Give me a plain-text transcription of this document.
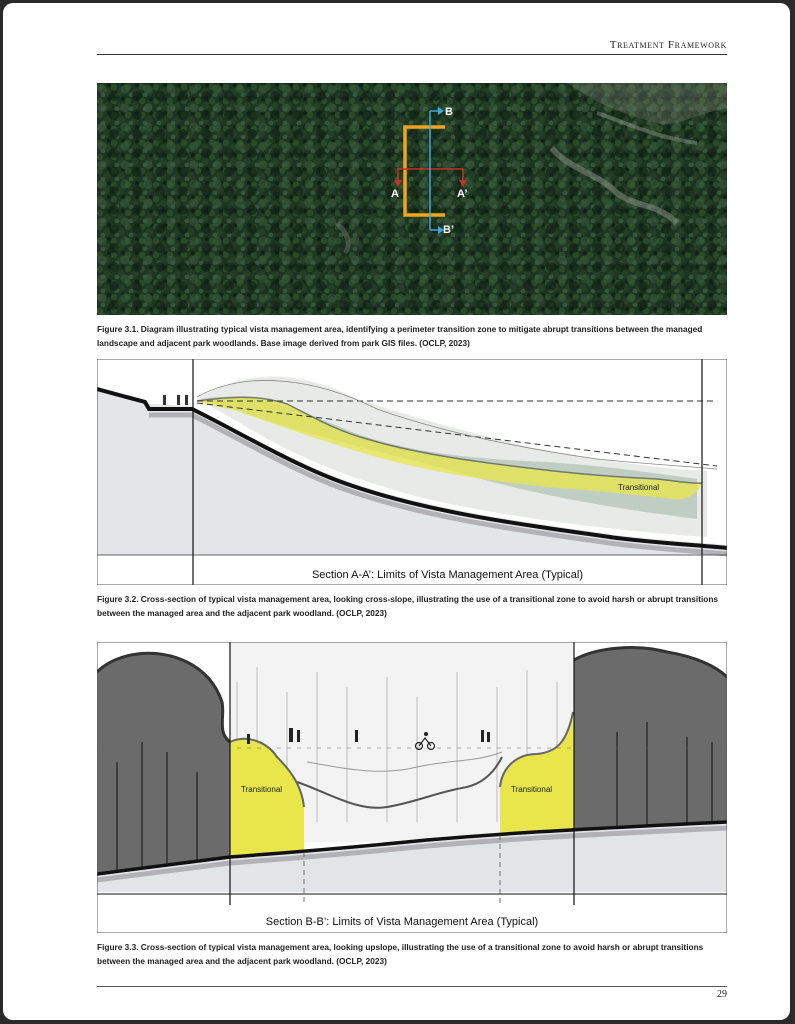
Treatment Framework
A	A’
B
B’
Figure 3.1. Diagram illustrating typical vista management area, identifying a perimeter transition zone to mitigate abrupt transitions between the managed landscape and adjacent park woodlands. Base image derived from park GIS files. (OCLP, 2023)
Transitional
Section A-A’: Limits of Vista Management Area (Typical)
Figure 3.2. Cross-section of typical vista management area, looking cross-slope, illustrating the use of a transitional zone to avoid harsh or abrupt transitions between the managed area and the adjacent park woodland. (OCLP, 2023)
Transitional	Transitional
Section B-B’: Limits of Vista Management Area (Typical)
Figure 3.3. Cross-section of typical vista management area, looking upslope, illustrating the use of a transitional zone to avoid harsh or abrupt transitions between the managed area and the adjacent park woodland. (OCLP, 2023)
29
